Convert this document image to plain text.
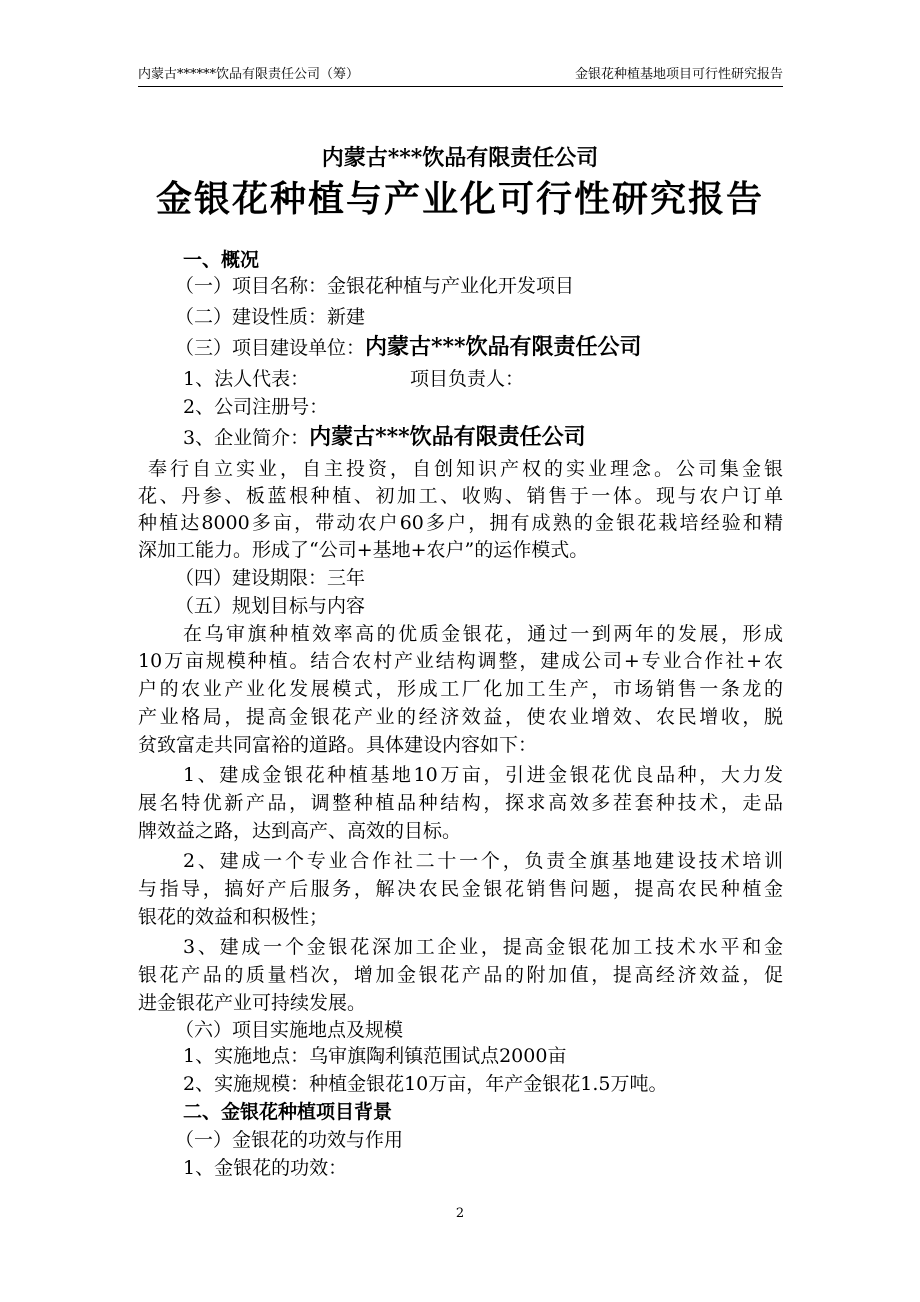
内蒙古******饮品有限责任公司（筹）	金银花种植基地项目可行性研究报告
内蒙古***饮品有限责任公司
金银花种植与产业化可行性研究报告
一、概况
（一）项目名称：金银花种植与产业化开发项目
（二）建设性质：新建
（三）项目建设单位：内蒙古***饮品有限责任公司
1、法人代表：	项目负责人：
2、公司注册号：
3、企业简介：内蒙古***饮品有限责任公司
奉行自立实业，自主投资，自创知识产权的实业理念。公司集金银
花、丹参、板蓝根种植、初加工、收购、销售于一体。现与农户订单
种植达8000多亩，带动农户60多户，拥有成熟的金银花栽培经验和精
深加工能力。形成了“公司+基地+农户”的运作模式。
（四）建设期限：三年
（五）规划目标与内容
在乌审旗种植效率高的优质金银花，通过一到两年的发展，形成
10万亩规模种植。结合农村产业结构调整，建成公司+专业合作社+农
户的农业产业化发展模式，形成工厂化加工生产，市场销售一条龙的
产业格局，提高金银花产业的经济效益，使农业增效、农民增收，脱
贫致富走共同富裕的道路。具体建设内容如下：
1、建成金银花种植基地10万亩，引进金银花优良品种，大力发
展名特优新产品，调整种植品种结构，探求高效多茬套种技术，走品
牌效益之路，达到高产、高效的目标。
2、建成一个专业合作社二十一个，负责全旗基地建设技术培训
与指导，搞好产后服务，解决农民金银花销售问题，提高农民种植金
银花的效益和积极性；
3、建成一个金银花深加工企业，提高金银花加工技术水平和金
银花产品的质量档次，增加金银花产品的附加值，提高经济效益，促
进金银花产业可持续发展。
（六）项目实施地点及规模
1、实施地点：乌审旗陶利镇范围试点2000亩
2、实施规模：种植金银花10万亩，年产金银花1.5万吨。
二、金银花种植项目背景
（一）金银花的功效与作用
1、金银花的功效：
2
